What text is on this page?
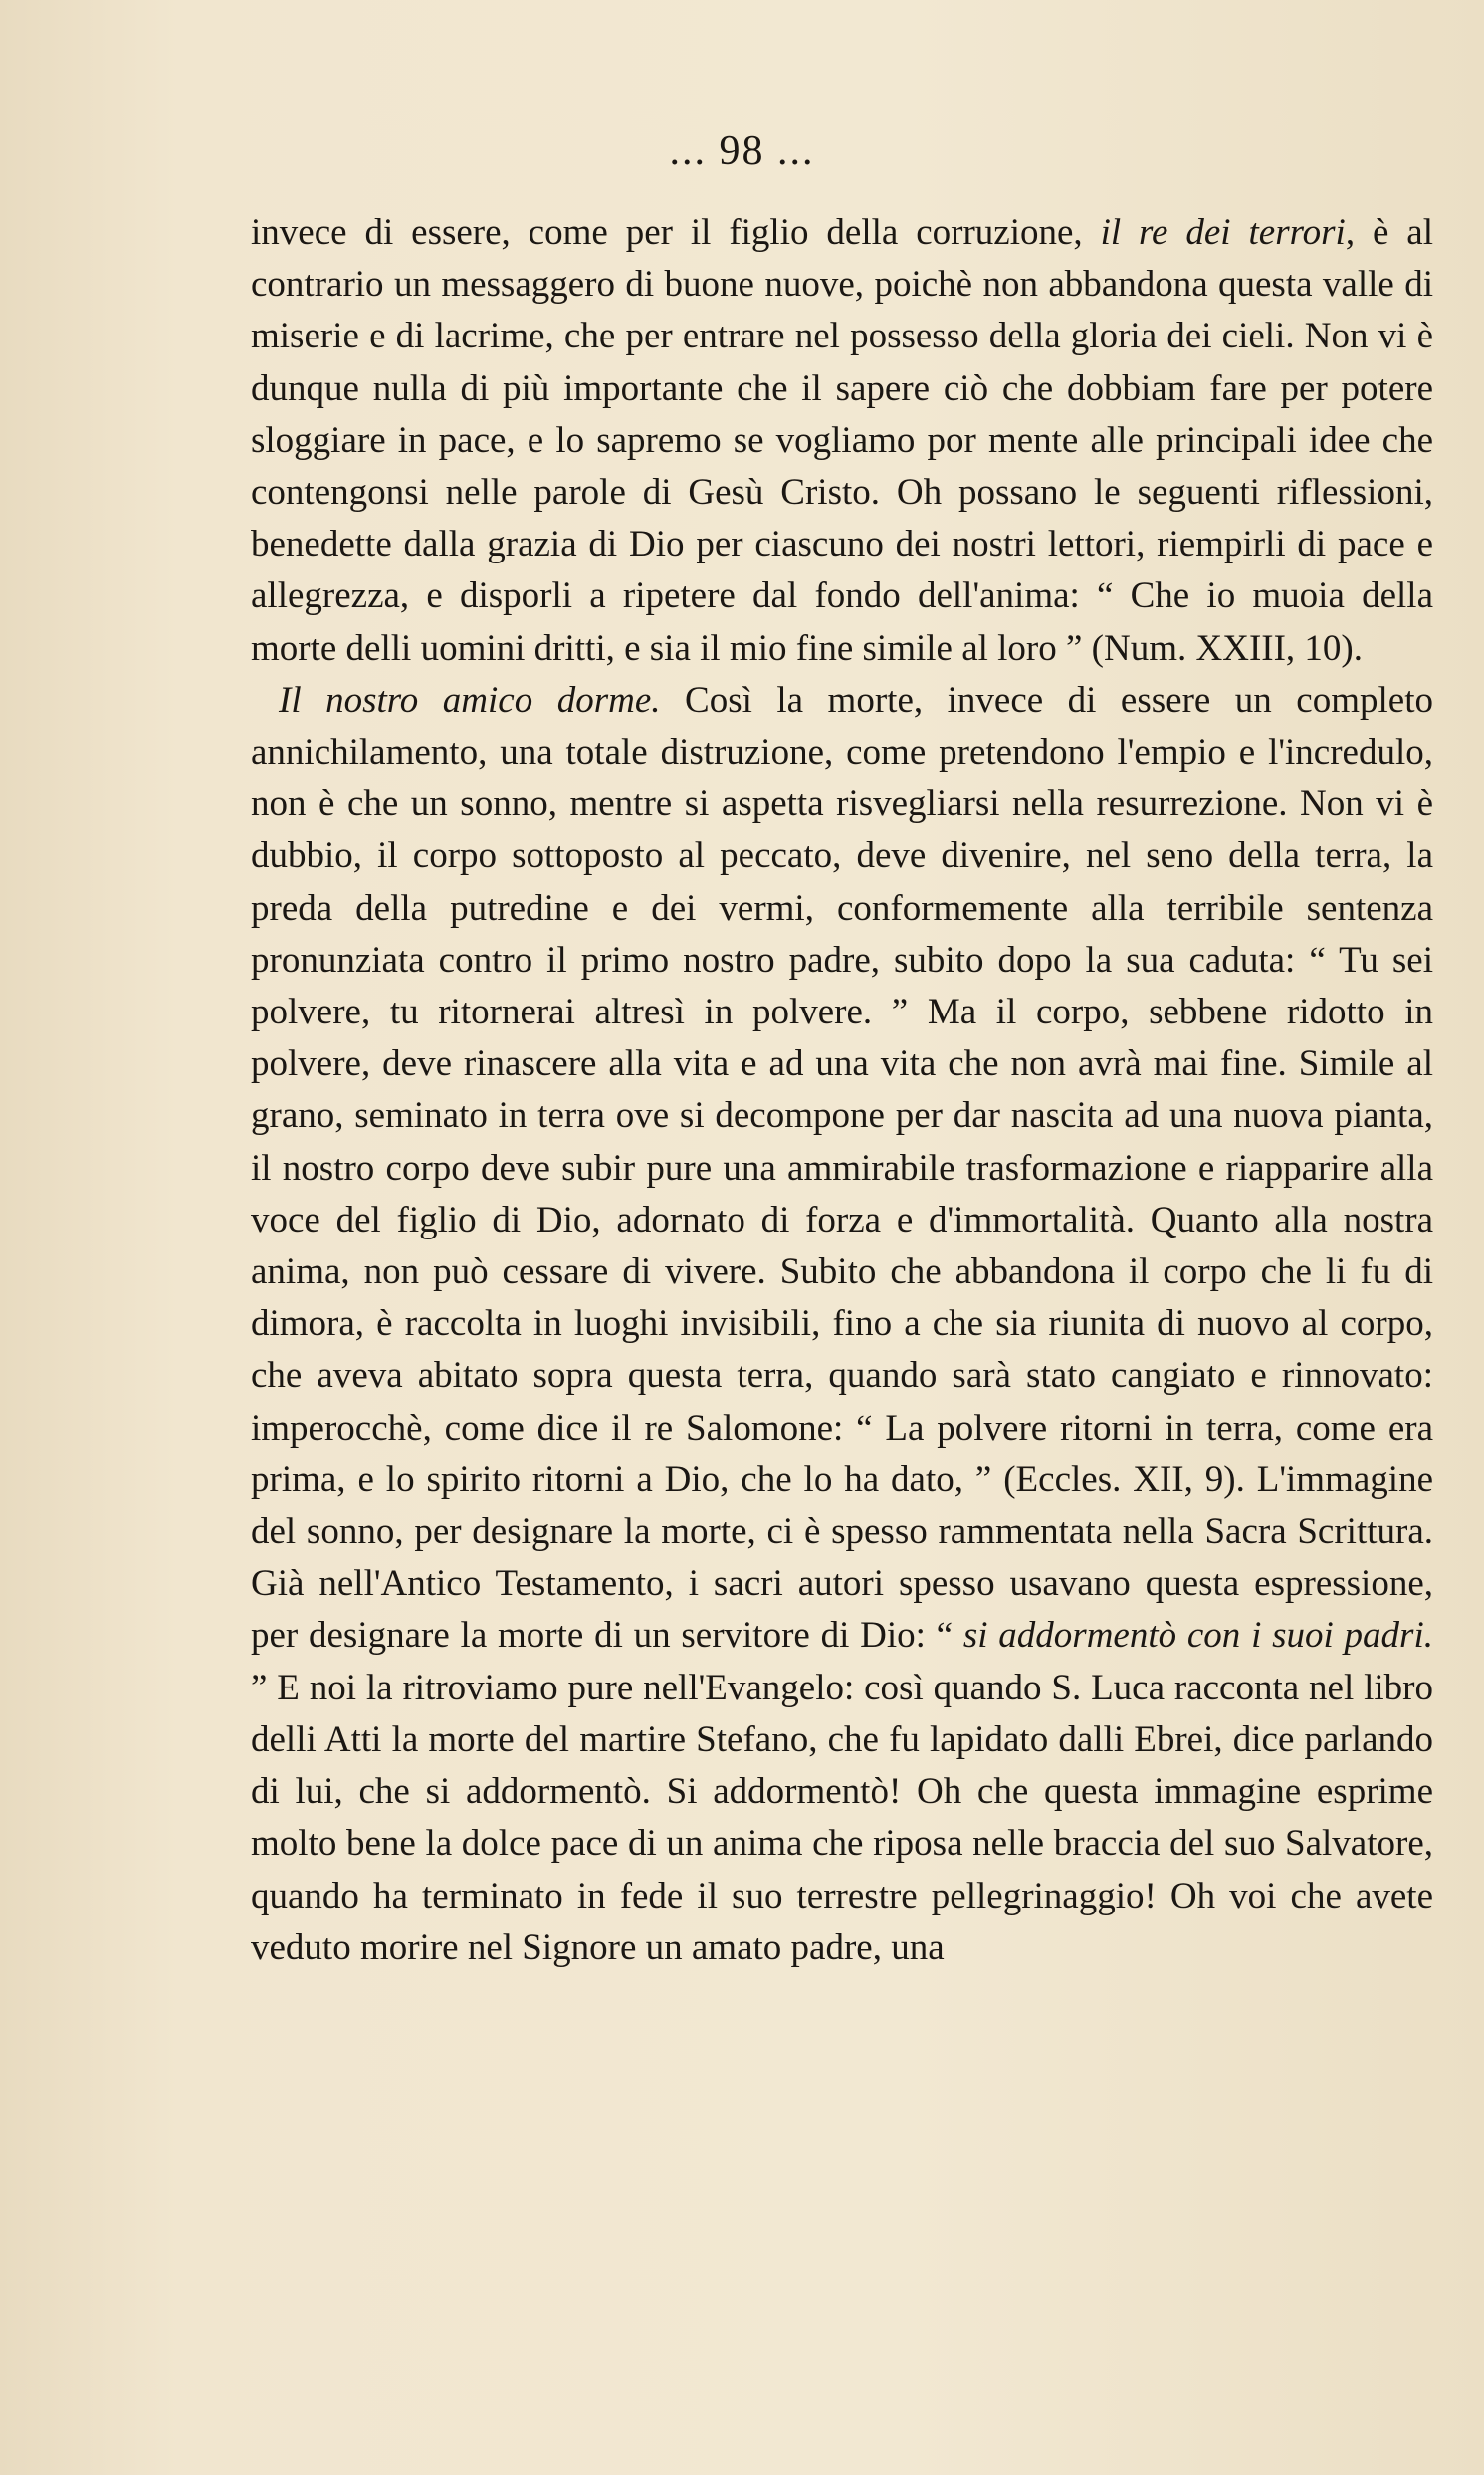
... 98 ...

invece di essere, come per il figlio della corruzione, il re dei terrori, è al contrario un messaggero di buone nuove, poichè non abbandona questa valle di miserie e di lacrime, che per entrare nel possesso della gloria dei cieli. Non vi è dunque nulla di più importante che il sapere ciò che dobbiam fare per potere sloggiare in pace, e lo sapremo se vogliamo por mente alle principali idee che contengonsi nelle parole di Gesù Cristo. Oh possano le seguenti riflessioni, benedette dalla grazia di Dio per ciascuno dei nostri lettori, riempirli di pace e allegrezza, e disporli a ripetere dal fondo dell'anima: “ Che io muoia della morte delli uomini dritti, e sia il mio fine simile al loro ” (Num. XXIII, 10).

Il nostro amico dorme. Così la morte, invece di essere un completo annichilamento, una totale distruzione, come pretendono l'empio e l'incredulo, non è che un sonno, mentre si aspetta risvegliarsi nella resurrezione. Non vi è dubbio, il corpo sottoposto al peccato, deve divenire, nel seno della terra, la preda della putredine e dei vermi, conformemente alla terribile sentenza pronunziata contro il primo nostro padre, subito dopo la sua caduta: “ Tu sei polvere, tu ritornerai altresì in polvere. ” Ma il corpo, sebbene ridotto in polvere, deve rinascere alla vita e ad una vita che non avrà mai fine. Simile al grano, seminato in terra ove si decompone per dar nascita ad una nuova pianta, il nostro corpo deve subir pure una ammirabile trasformazione e riapparire alla voce del figlio di Dio, adornato di forza e d'immortalità. Quanto alla nostra anima, non può cessare di vivere. Subito che abbandona il corpo che li fu di dimora, è raccolta in luoghi invisibili, fino a che sia riunita di nuovo al corpo, che aveva abitato sopra questa terra, quando sarà stato cangiato e rinnovato: imperocchè, come dice il re Salomone: “ La polvere ritorni in terra, come era prima, e lo spirito ritorni a Dio, che lo ha dato, ” (Eccles. XII, 9). L'immagine del sonno, per designare la morte, ci è spesso rammentata nella Sacra Scrittura. Già nell'Antico Testamento, i sacri autori spesso usavano questa espressione, per designare la morte di un servitore di Dio: “ si addormentò con i suoi padri. ” E noi la ritroviamo pure nell'Evangelo: così quando S. Luca racconta nel libro delli Atti la morte del martire Stefano, che fu lapidato dalli Ebrei, dice parlando di lui, che si addormentò. Si addormentò! Oh che questa immagine esprime molto bene la dolce pace di un anima che riposa nelle braccia del suo Salvatore, quando ha terminato in fede il suo terrestre pellegrinaggio! Oh voi che avete veduto morire nel Signore un amato padre, una
